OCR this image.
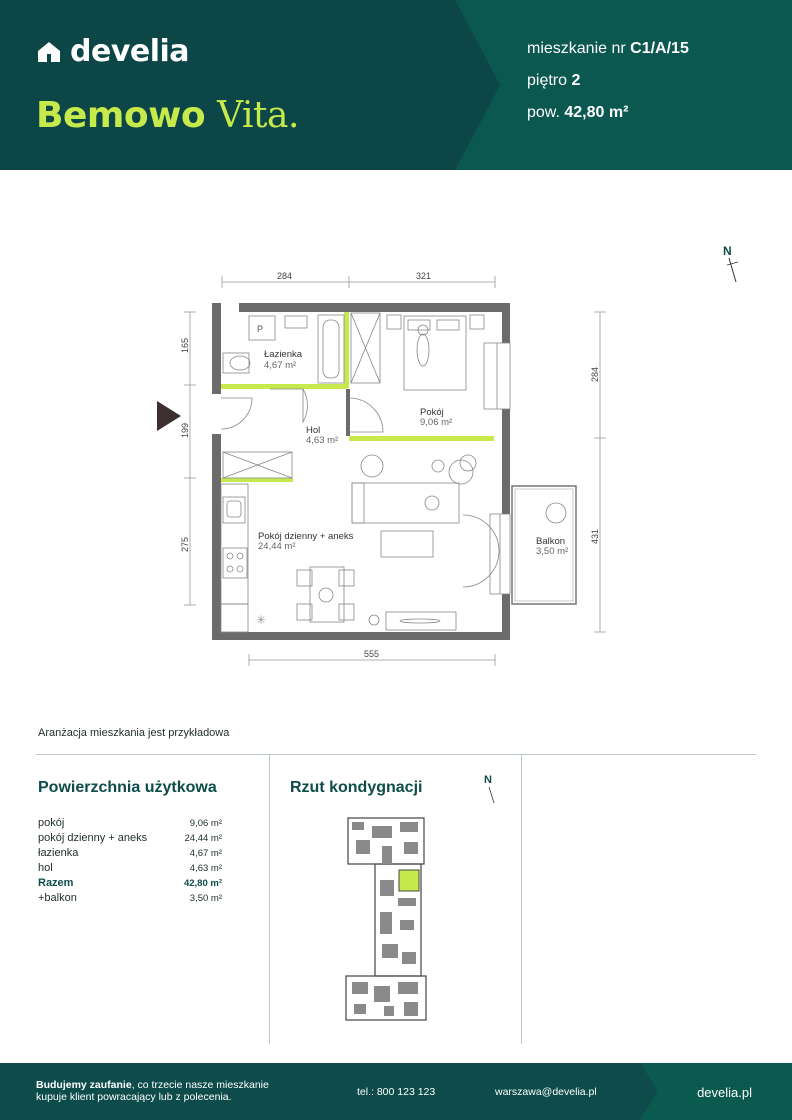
develia
Bemowo Vita.
mieszkanie nr C1/A/15
piętro 2
pow. 42,80 m²
N
284	321
555
165
199
275
284
431
P
✳
Łazienka
4,67 m²
Hol
4,63 m²
Pokój
9,06 m²
Pokój dzienny + aneks
24,44 m²	Balkon
3,50 m²
Aranżacja mieszkania jest przykładowa
Powierzchnia użytkowa
pokój	9,06 m²
pokój dzienny + aneks	24,44 m²
łazienka	4,67 m²
hol	4,63 m²
Razem	42,80 m²
+balkon	3,50 m²
Rzut kondygnacji	N
Budujemy zaufanie, co trzecie nasze mieszkanie
kupuje klient powracający lub z polecenia.	tel.: 800 123 123	warszawa@develia.pl	develia.pl
